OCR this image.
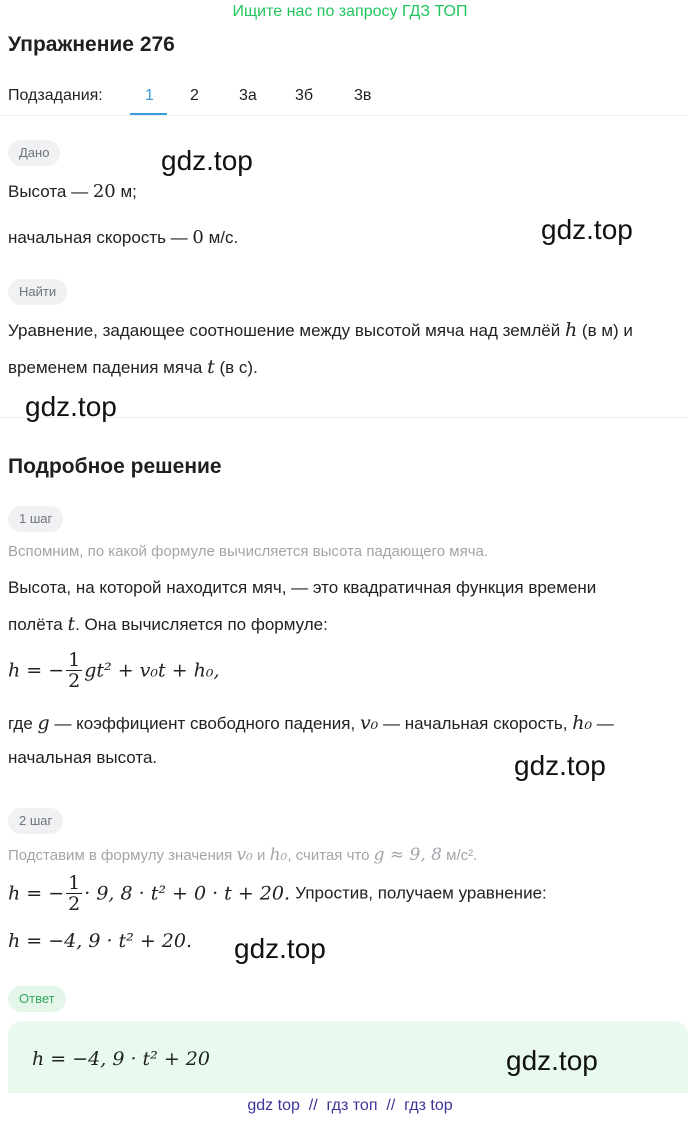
Ищите нас по запросу ГДЗ ТОП
Упражнение 276
Подзадания:	1 2	3а 3б	3в
Дано
Высота — 20 м;
начальная скорость — 0 м/с.
Найти
Уравнение, задающее соотношение между высотой мяча над землёй h (в м) и
временем падения мяча t (в с).
Подробное решение
1 шаг
Вспомним, по какой формуле вычисляется высота падающего мяча.
Высота, на которой находится мяч, — это квадратичная функция времени
полёта t. Она вычисляется по формуле:
h = − $\frac{1}{2} gt^2 + v_0t + h_0$,
где g — коэффициент свободного падения, v₀ — начальная скорость, h₀ —
начальная высота.
2 шаг
Подставим в формулу значения v₀ и h₀, считая что g ≈ 9, 8 м/с².
h = − $\frac{1}{2} \cdot 9$, 8 · t² + 0 · t + 20. Упростив, получаем уравнение:
h = −4, 9 · t² + 20.
Ответ
h = −4, 9 · t² + 20
gdz.top
gdz.top
gdz.top
gdz.top
gdz.top
gdz.top
gdz top  //  гдз топ  //  гдз top
